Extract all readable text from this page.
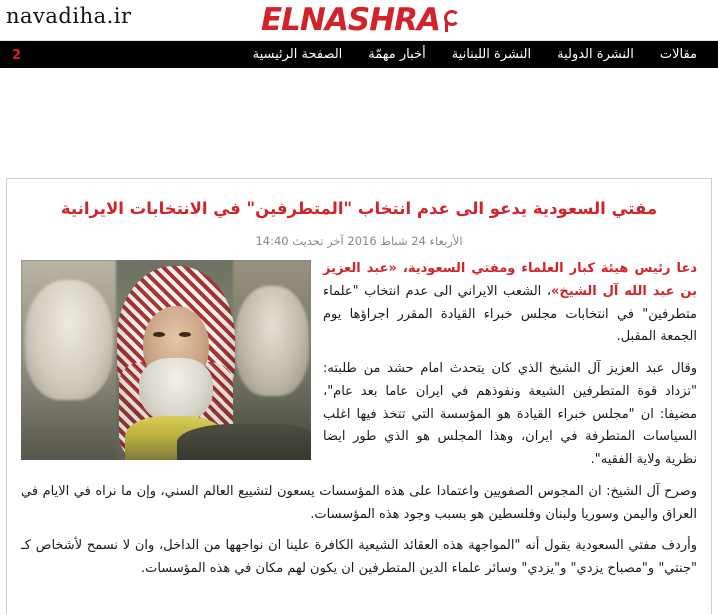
navadiha.ir	ELNASHRA
الصفحة الرئيسية	أخبار مهمّة	النشرة اللبنانية	النشرة الدولية	مقالات
2
مفتي السعودية يدعو الى عدم انتخاب "المتطرفين" في الانتخابات الايرانية
الأربعاء 24 شباط 2016 آخر تحديث 14:40

دعا رئيس هيئة كبار العلماء ومفتي السعودية، «عبد العزيز بن عبد الله آل الشيخ»، الشعب الايراني الى عدم انتخاب "علماء متطرفين" في انتخابات مجلس خبراء القيادة المقرر اجراؤها يوم الجمعة المقبل.

وقال عبد العزيز آل الشيخ الذي كان يتحدث امام حشد من طلبته: "تزداد قوة المتطرفين الشيعة ونفوذهم في ايران عاما بعد عام"، مضيفا: ان "مجلس خبراء القيادة هو المؤسسة التي تتخذ فيها اغلب السياسات المتطرفة في ايران، وهذا المجلس هو الذي طور ايضا نظرية ولاية الفقيه".

وصرح آل الشيخ: ان المجوس الصفويين واعتمادا على هذه المؤسسات يسعون لتشييع العالم السني، وإن ما نراه في الايام في العراق واليمن وسوريا ولبنان وفلسطين هو بسبب وجود هذه المؤسسات.

وأردف مفتي السعودية يقول أنه "المواجهة هذه العقائد الشيعية الكافرة علينا ان نواجهها من الداخل، وان لا نسمح لأشخاص كـ "جنتي" و"مصباح يزدي" و"يزدي" وسائر علماء الدين المتطرفين ان يكون لهم مكان في هذه المؤسسات.
